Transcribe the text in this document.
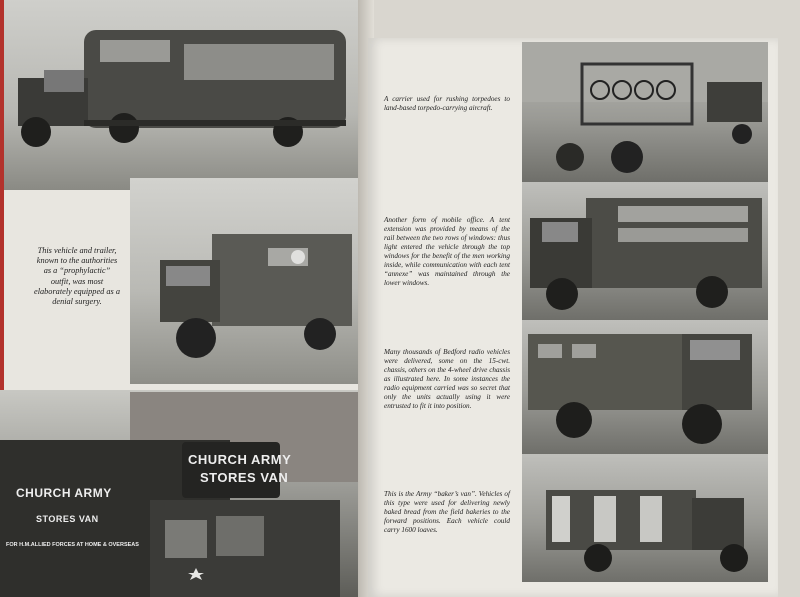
This vehicle and trailer, known to the authorities as a “prophylactic” outfit, was most elaborately equipped as a denial surgery.
CHURCH ARMY
STORES VAN
CHURCH ARMY
STORES VAN
FOR H.M.ALLIED FORCES AT HOME & OVERSEAS
A carrier used for rushing torpedoes to land-based torpedo-carrying aircraft.
Another form of mobile office. A tent extension was provided by means of the rail between the two rows of windows: thus light entered the vehicle through the top windows for the benefit of the men working inside, while communication with each tent “annexe” was maintained through the lower windows.
Many thousands of Bedford radio vehicles were delivered, some on the 15-cwt. chassis, others on the 4-wheel drive chassis as illustrated here. In some instances the radio equipment carried was so secret that only the units actually using it were entrusted to fit it into position.
This is the Army “baker’s van”. Vehicles of this type were used for delivering newly baked bread from the field bakeries to the forward positions. Each vehicle could carry 1600 loaves.
